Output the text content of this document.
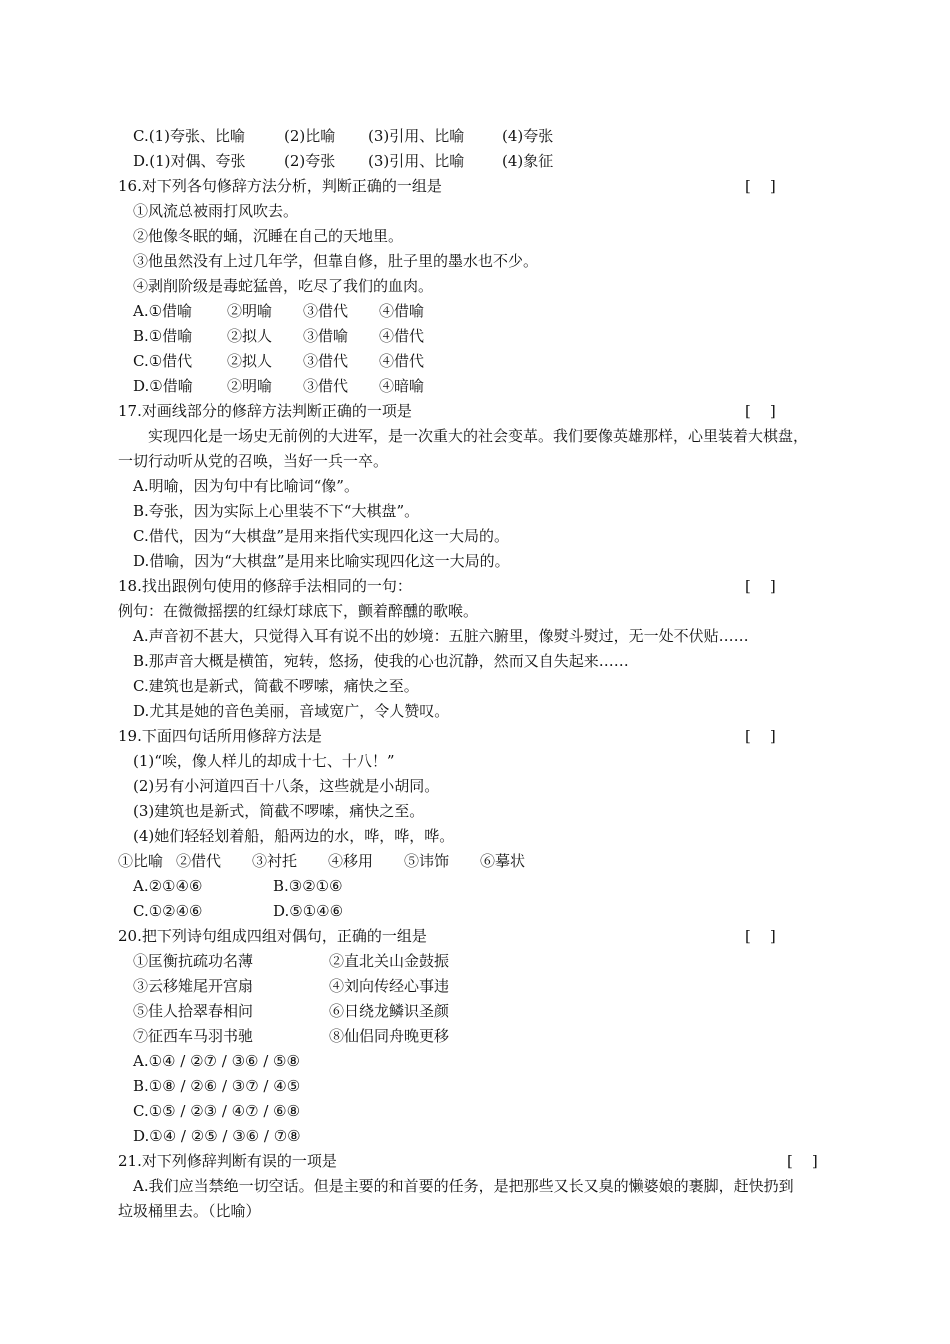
C.(1)夸张、比喻	(2)比喻 (3)引用、比喻	(4)夸张
D.(1)对偶、夸张	(2)夸张 (3)引用、比喻	(4)象征
16.对下列各句修辞方法分析，判断正确的一组是	[    ]
①风流总被雨打风吹去。
②他像冬眠的蛹，沉睡在自己的天地里。
③他虽然没有上过几年学，但靠自修，肚子里的墨水也不少。
④剥削阶级是毒蛇猛兽，吃尽了我们的血肉。
A.①借喻 ②明喻 ③借代 ④借喻
B.①借喻 ②拟人 ③借喻 ④借代
C.①借代 ②拟人 ③借代 ④借代
D.①借喻 ②明喻 ③借代 ④暗喻
17.对画线部分的修辞方法判断正确的一项是	[    ]
实现四化是一场史无前例的大进军，是一次重大的社会变革。我们要像英雄那样，心里装着大棋盘，
一切行动听从党的召唤，当好一兵一卒。
A.明喻，因为句中有比喻词“像”。
B.夸张，因为实际上心里装不下“大棋盘”。
C.借代，因为“大棋盘”是用来指代实现四化这一大局的。
D.借喻，因为“大棋盘”是用来比喻实现四化这一大局的。
18.找出跟例句使用的修辞手法相同的一句：	[    ]
例句：在微微摇摆的红绿灯球底下，颤着醉醺的歌喉。
A.声音初不甚大，只觉得入耳有说不出的妙境：五脏六腑里，像熨斗熨过，无一处不伏贴……
B.那声音大概是横笛，宛转，悠扬，使我的心也沉静，然而又自失起来……
C.建筑也是新式，简截不啰嗦，痛快之至。
D.尤其是她的音色美丽，音域宽广，令人赞叹。
19.下面四句话所用修辞方法是	[    ]
(1)“唉，像人样儿的却成十七、十八！”
(2)另有小河道四百十八条，这些就是小胡同。
(3)建筑也是新式，简截不啰嗦，痛快之至。
(4)她们轻轻划着船，船两边的水，哗，哗，哗。
①比喻 ②借代 ③衬托 ④移用 ⑤讳饰 ⑥摹状
A.②①④⑥	B.③②①⑥
C.①②④⑥	D.⑤①④⑥
20.把下列诗句组成四组对偶句，正确的一组是	[    ]
①匡衡抗疏功名薄	②直北关山金鼓振
③云移雉尾开宫扇	④刘向传经心事违
⑤佳人拾翠春相问	⑥日绕龙鳞识圣颜
⑦征西车马羽书驰	⑧仙侣同舟晚更移
A.①④ / ②⑦ / ③⑥ / ⑤⑧
B.①⑧ / ②⑥ / ③⑦ / ④⑤
C.①⑤ / ②③ / ④⑦ / ⑥⑧
D.①④ / ②⑤ / ③⑥ / ⑦⑧
21.对下列修辞判断有误的一项是	[    ]
A.我们应当禁绝一切空话。但是主要的和首要的任务，是把那些又长又臭的懒婆娘的裹脚，赶快扔到
垃圾桶里去。（比喻）
